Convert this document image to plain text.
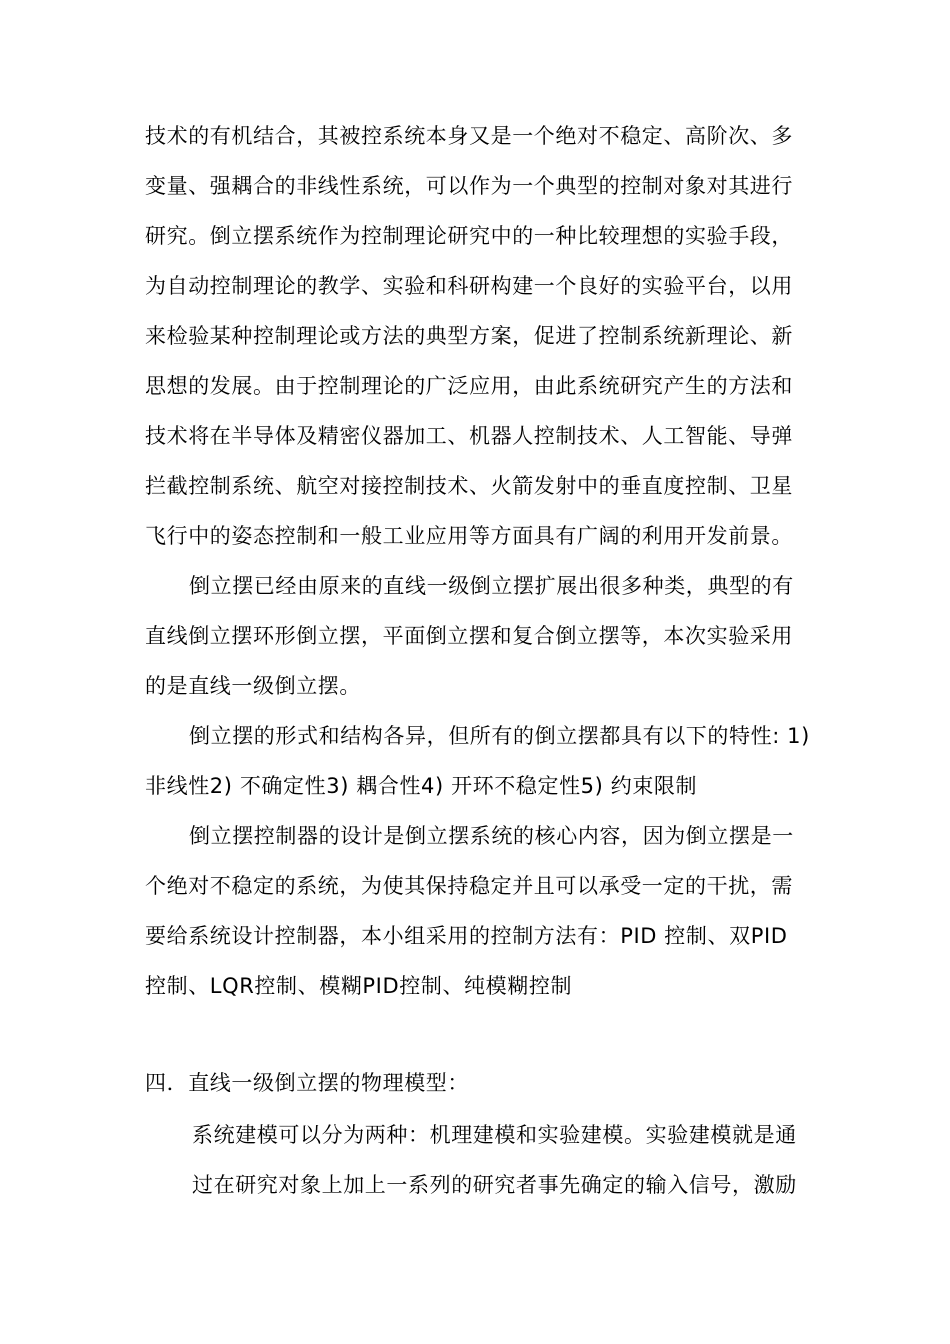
技术的有机结合，其被控系统本身又是一个绝对不稳定、高阶次、多
变量、强耦合的非线性系统，可以作为一个典型的控制对象对其进行
研究。倒立摆系统作为控制理论研究中的一种比较理想的实验手段，
为自动控制理论的教学、实验和科研构建一个良好的实验平台，以用
来检验某种控制理论或方法的典型方案，促进了控制系统新理论、新
思想的发展。由于控制理论的广泛应用，由此系统研究产生的方法和
技术将在半导体及精密仪器加工、机器人控制技术、人工智能、导弹
拦截控制系统、航空对接控制技术、火箭发射中的垂直度控制、卫星
飞行中的姿态控制和一般工业应用等方面具有广阔的利用开发前景。
倒立摆已经由原来的直线一级倒立摆扩展出很多种类，典型的有
直线倒立摆环形倒立摆，平面倒立摆和复合倒立摆等，本次实验采用
的是直线一级倒立摆。
倒立摆的形式和结构各异，但所有的倒立摆都具有以下的特性: 1)
非线性2) 不确定性3) 耦合性4) 开环不稳定性5) 约束限制
倒立摆控制器的设计是倒立摆系统的核心内容，因为倒立摆是一
个绝对不稳定的系统，为使其保持稳定并且可以承受一定的干扰，需
要给系统设计控制器，本小组采用的控制方法有：PID 控制、双PID
控制、LQR控制、模糊PID控制、纯模糊控制
四．直线一级倒立摆的物理模型：
系统建模可以分为两种：机理建模和实验建模。实验建模就是通
过在研究对象上加上一系列的研究者事先确定的输入信号，激励
